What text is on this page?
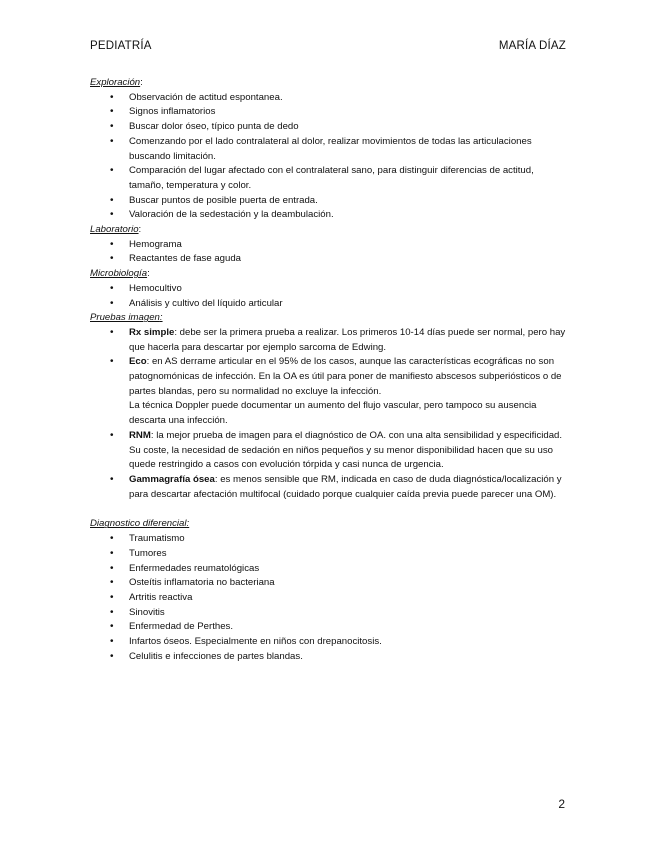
PEDIATRÍA	MARÍA DÍAZ
Exploración:
• Observación de actitud espontanea.
• Signos inflamatorios
• Buscar dolor óseo, típico punta de dedo
• Comenzando por el lado contralateral al dolor, realizar movimientos de todas las articulaciones buscando limitación.
• Comparación del lugar afectado con el contralateral sano, para distinguir diferencias de actitud, tamaño, temperatura y color.
• Buscar puntos de posible puerta de entrada.
• Valoración de la sedestación y la deambulación.
Laboratorio:
• Hemograma
• Reactantes de fase aguda
Microbiología:
• Hemocultivo
• Análisis y cultivo del líquido articular
Pruebas imagen:
• Rx simple: debe ser la primera prueba a realizar. Los primeros 10-14 días puede ser normal, pero hay que hacerla para descartar por ejemplo sarcoma de Edwing.
• Eco: en AS derrame articular en el 95% de los casos, aunque las características ecográficas no son patognomónicas de infección. En la OA es útil para poner de manifiesto abscesos subperiósticos o de partes blandas, pero su normalidad no excluye la infección.
La técnica Doppler puede documentar un aumento del flujo vascular, pero tampoco su ausencia descarta una infección.
• RNM: la mejor prueba de imagen para el diagnóstico de OA. con una alta sensibilidad y especificidad. Su coste, la necesidad de sedación en niños pequeños y su menor disponibilidad hacen que su uso quede restringido a casos con evolución tórpida y casi nunca de urgencia.
• Gammagrafía ósea: es menos sensible que RM, indicada en caso de duda diagnóstica/localización y para descartar afectación multifocal (cuidado porque cualquier caída previa puede parecer una OM).
Diagnostico diferencial:
• Traumatismo
• Tumores
• Enfermedades reumatológicas
• Osteítis inflamatoria no bacteriana
• Artritis reactiva
• Sinovitis
• Enfermedad de Perthes.
• Infartos óseos. Especialmente en niños con drepanocitosis.
• Celulitis e infecciones de partes blandas.
2
